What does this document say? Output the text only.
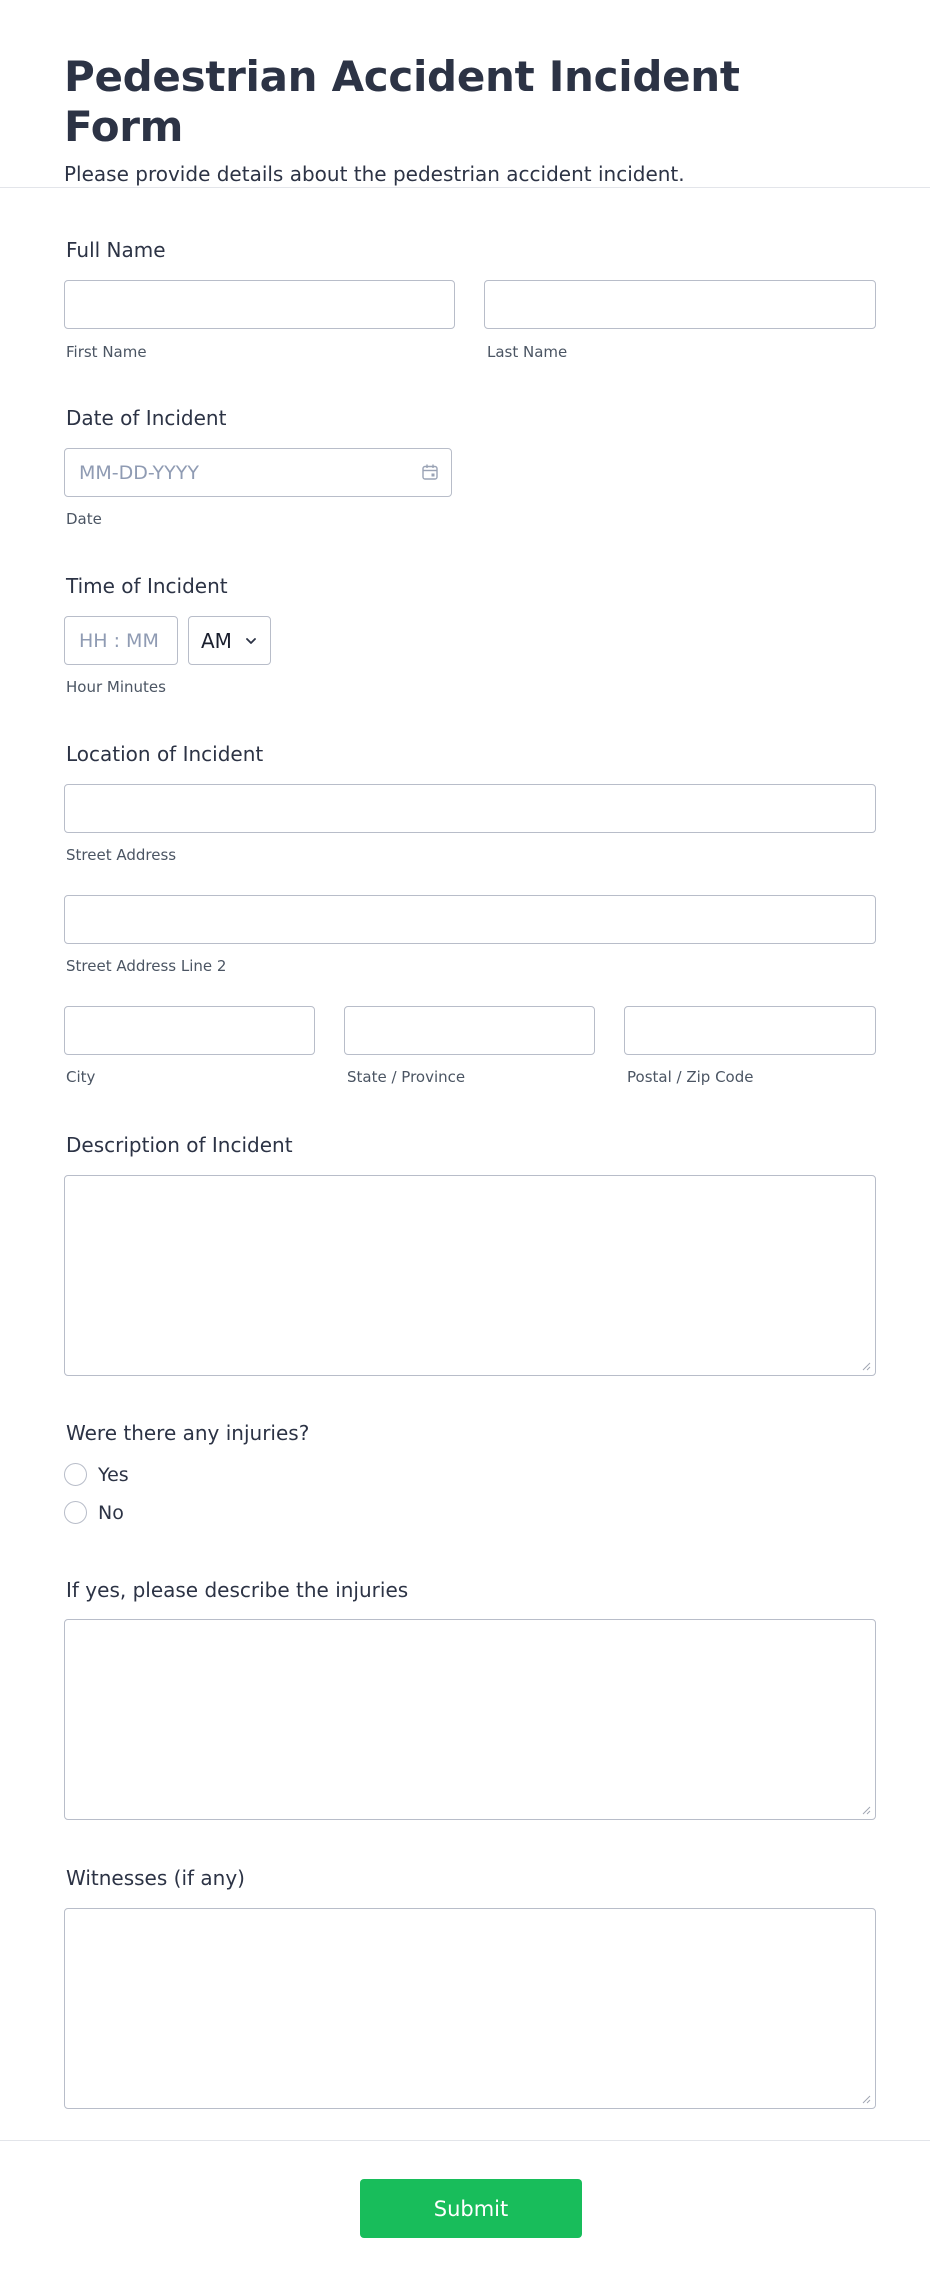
Pedestrian Accident Incident Form
Please provide details about the pedestrian accident incident.
Full Name
First Name	Last Name
Date of Incident
MM-DD-YYYY
Date
Time of Incident
HH : MM
AM
Hour Minutes
Location of Incident
Street Address
Street Address Line 2
City	State / Province	Postal / Zip Code
Description of Incident
Were there any injuries?
Yes
No
If yes, please describe the injuries
Witnesses (if any)
Submit
